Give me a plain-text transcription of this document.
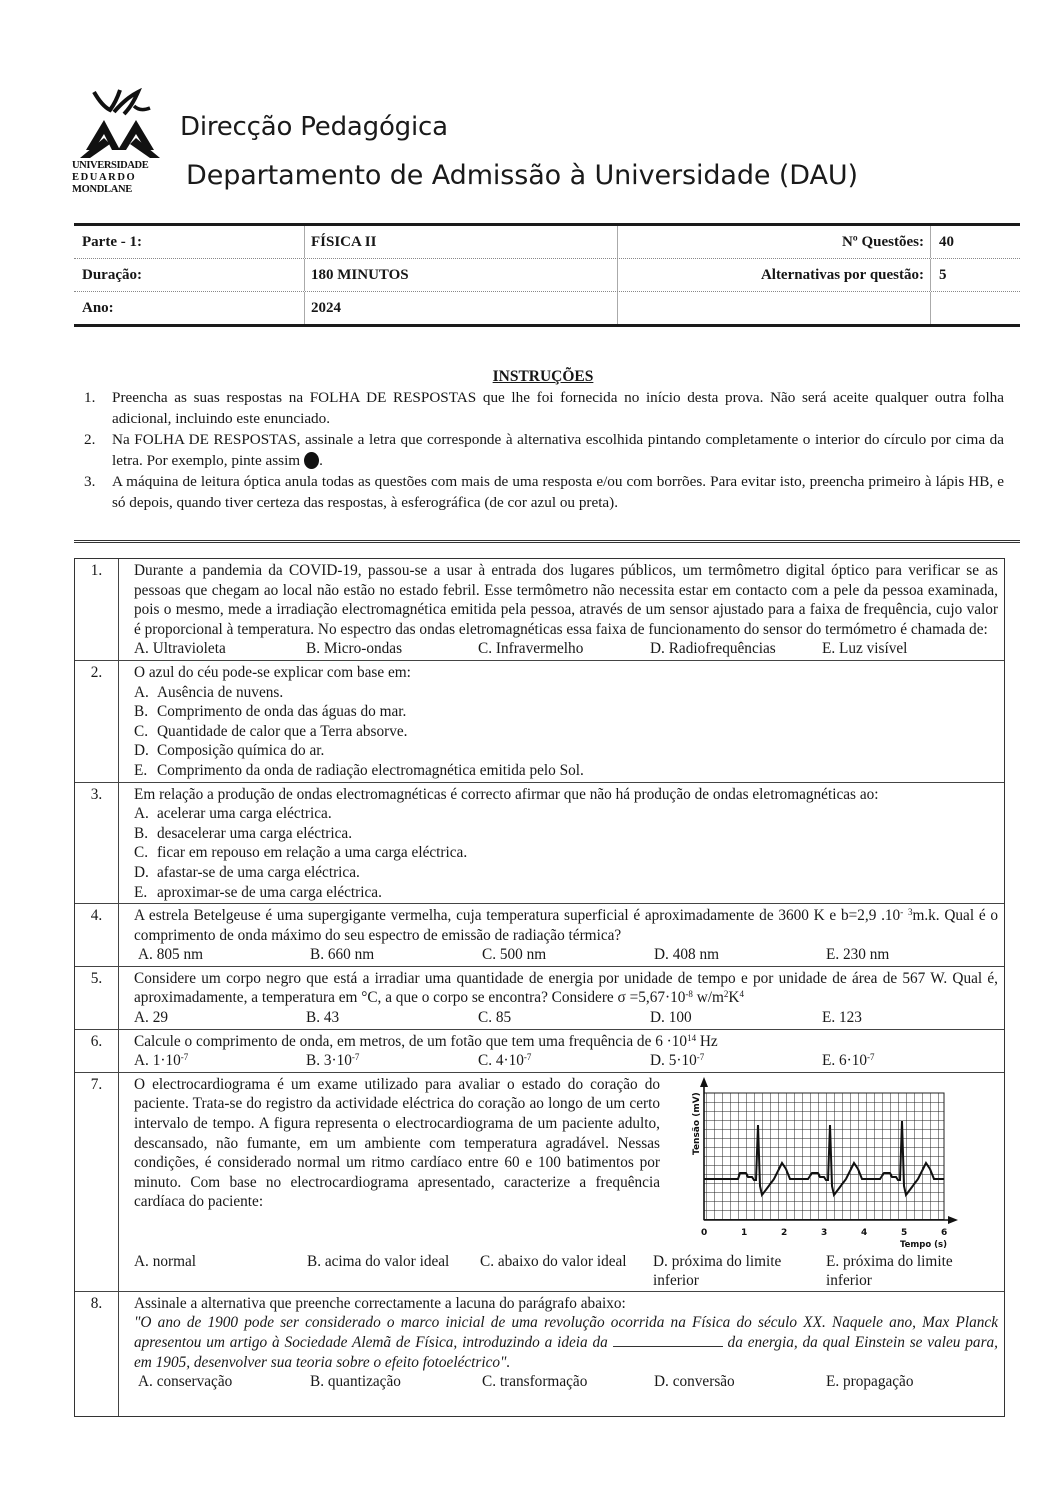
UNIVERSIDADE
EDUARDO
MONDLANE
Direcção Pedagógica
Departamento de Admissão à Universidade (DAU)
Parte - 1:	FÍSICA II	Nº Questões:	40
Duração:	180 MINUTOS	Alternativas por questão:	5
Ano:	2024
INSTRUÇÕES
1.	Preencha as suas respostas na FOLHA DE RESPOSTAS que lhe foi fornecida no início desta prova. Não será aceite qualquer outra folha adicional, incluindo este enunciado.
2.	Na FOLHA DE RESPOSTAS, assinale a letra que corresponde à alternativa escolhida pintando completamente o interior do círculo por cima da letra. Por exemplo, pinte assim .
3.	A máquina de leitura óptica anula todas as questões com mais de uma resposta e/ou com borrões. Para evitar isto, preencha primeiro à lápis HB, e só depois, quando tiver certeza das respostas, à esferográfica (de cor azul ou preta).
1.	Durante a pandemia da COVID-19, passou-se a usar à entrada dos lugares públicos, um termômetro digital óptico para verificar se as pessoas que chegam ao local não estão no estado febril. Esse termômetro não necessita estar em contacto com a pele da pessoa examinada, pois o mesmo, mede a irradiação electromagnética emitida pela pessoa, através de um sensor ajustado para a faixa de frequência, cujo valor é proporcional à temperatura. No espectro das ondas eletromagnéticas essa faixa de funcionamento do sensor do termómetro é chamada de:
A. Ultravioleta	B. Micro-ondas	C. Infravermelho	D. Radiofrequências	E. Luz visível
2.	O azul do céu pode-se explicar com base em:
A. Ausência de nuvens.
B. Comprimento de onda das águas do mar.
C. Quantidade de calor que a Terra absorve.
D. Composição química do ar.
E. Comprimento da onda de radiação electromagnética emitida pelo Sol.
3.	Em relação a produção de ondas electromagnéticas é correcto afirmar que não há produção de ondas eletromagnéticas ao:
A. acelerar uma carga eléctrica.
B. desacelerar uma carga eléctrica.
C. ficar em repouso em relação a uma carga eléctrica.
D. afastar-se de uma carga eléctrica.
E. aproximar-se de uma carga eléctrica.
4.	A estrela Betelgeuse é uma supergigante vermelha, cuja temperatura superficial é aproximadamente de 3600 K e b=2,9 .10- $^3$m.k. Qual é o comprimento de onda máximo do seu espectro de emissão de radiação térmica?
A. 805 nm	B. 660 nm	C. 500 nm	D. 408 nm	E. 230 nm
5.	Considere um corpo negro que está a irradiar uma quantidade de energia por unidade de tempo e por unidade de área de 567 W. Qual é, aproximadamente, a temperatura em °C, a que o corpo se encontra? Considere $\sigma =5,67\cdot 10^{-8}$ $w/m^2K^4$
A. 29	B. 43	C. 85	D. 100	E. 123
6.	Calcule o comprimento de onda, em metros, de um fotão que tem uma frequência de $6 \cdot 10^{14}$ Hz
A. $1\cdot 10^{-7}$	B. $3\cdot 10^{-7}$	C. $4\cdot 10^{-7}$	D. $5\cdot 10^{-7}$	E. $6\cdot 10^{-7}$
7.	O electrocardiograma é um exame utilizado para avaliar o estado do coração do paciente. Trata-se do registro da actividade eléctrica do coração ao longo de um certo intervalo de tempo. A figura representa o electrocardiograma de um paciente adulto, descansado, não fumante, em um ambiente com temperatura agradável. Nessas condições, é considerado normal um ritmo cardíaco entre 60 e 100 batimentos por minuto. Com base no electrocardiograma apresentado, caracterize a frequência cardíaca do paciente:
Tensão (mV)
0	1	2	3	4	5	6
Tempo (s)
A. normal	B. acima do valor ideal	C. abaixo do valor ideal	D. próxima do limite inferior
E. próxima do limite inferior
8.	Assinale a alternativa que preenche correctamente a lacuna do parágrafo abaixo:
"O ano de 1900 pode ser considerado o marco inicial de uma revolução ocorrida na Física do século XX. Naquele ano, Max Planck apresentou um artigo à Sociedade Alemã de Física, introduzindo a ideia da	da energia, da qual Einstein se valeu para, em 1905, desenvolver sua teoria sobre o efeito fotoeléctrico".
A. conservação	B. quantização	C. transformação	D. conversão	E. propagação
